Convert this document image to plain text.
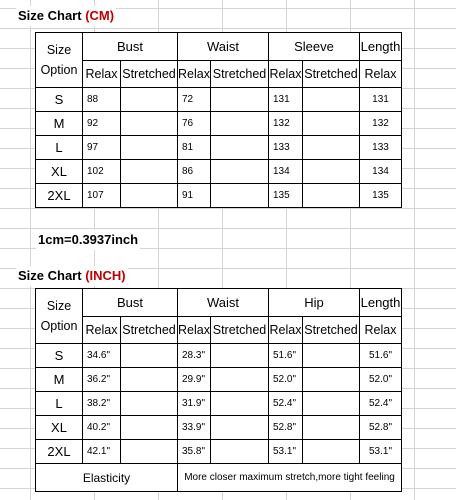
Size Chart (CM)
Size Option	Bust		Waist		Sleeve		Length
	Relax	Stretched	Relax	Stretched	Relax	Stretched	Relax
S	88		72		131		131
M	92		76		132		132
L	97		81		133		133
XL	102		86		134		134
2XL	107		91		135		135
1cm=0.3937inch
Size Chart (INCH)
Size Option	Bust		Waist		Hip		Length
	Relax	Stretched	Relax	Stretched	Relax	Stretched	Relax
S	34.6"		28.3"		51.6"		51.6"
M	36.2"		29.9"		52.0"		52.0"
L	38.2"		31.9"		52.4"		52.4"
XL	40.2"		33.9"		52.8"		52.8"
2XL	42.1"		35.8"		53.1"		53.1"
Elasticity			More closer maximum stretch,more tight feeling				
